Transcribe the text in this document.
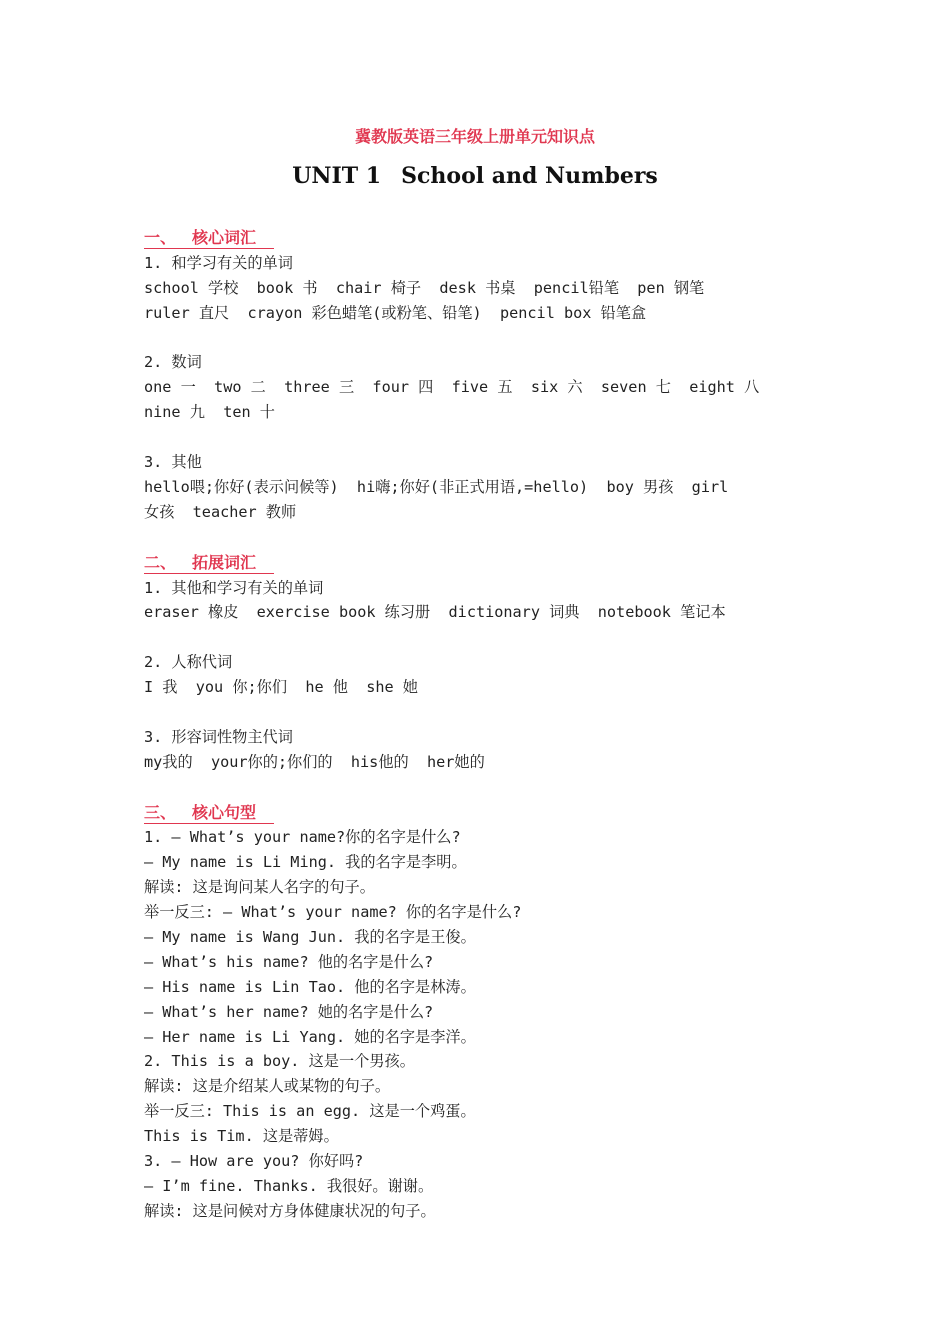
冀教版英语三年级上册单元知识点
UNIT 1 School and Numbers
一、 核心词汇
1. 和学习有关的单词
school 学校  book 书  chair 椅子  desk 书桌  pencil铅笔  pen 钢笔
ruler 直尺  crayon 彩色蜡笔(或粉笔、铅笔)  pencil box 铅笔盒
2. 数词
one 一  two 二  three 三  four 四  five 五  six 六  seven 七  eight 八
nine 九  ten 十
3. 其他
hello喂;你好(表示问候等)  hi嗨;你好(非正式用语,=hello)  boy 男孩  girl
女孩  teacher 教师
二、 拓展词汇
1. 其他和学习有关的单词
eraser 橡皮  exercise book 练习册  dictionary 词典  notebook 笔记本
2. 人称代词
I 我  you 你;你们  he 他  she 她
3. 形容词性物主代词
my我的  your你的;你们的  his他的  her她的
三、 核心句型
1. — What’s your name?你的名字是什么?
— My name is Li Ming. 我的名字是李明。
解读: 这是询问某人名字的句子。
举一反三: — What’s your name? 你的名字是什么?
— My name is Wang Jun. 我的名字是王俊。
— What’s his name? 他的名字是什么?
— His name is Lin Tao. 他的名字是林涛。
— What’s her name? 她的名字是什么?
— Her name is Li Yang. 她的名字是李洋。
2. This is a boy. 这是一个男孩。
解读: 这是介绍某人或某物的句子。
举一反三: This is an egg. 这是一个鸡蛋。
This is Tim. 这是蒂姆。
3. — How are you? 你好吗?
— I’m fine. Thanks. 我很好。谢谢。
解读: 这是问候对方身体健康状况的句子。
